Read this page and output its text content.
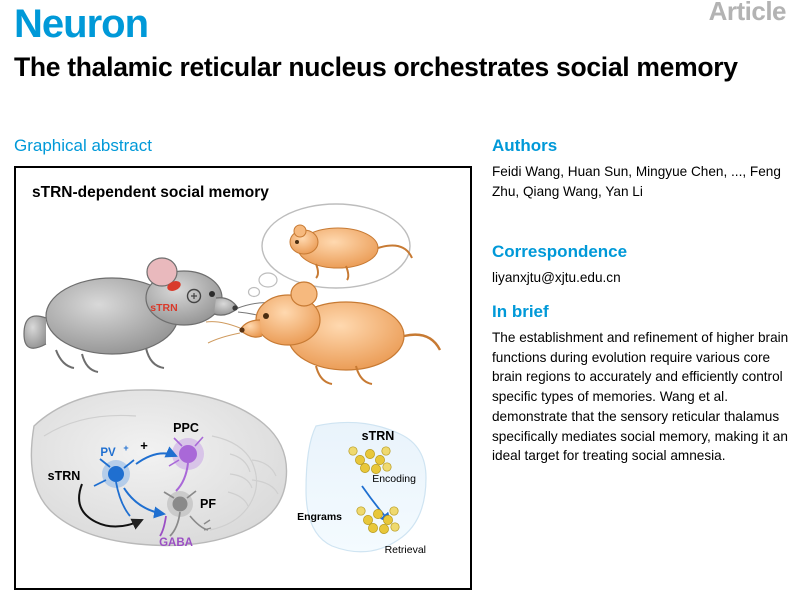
Neuron	Article
The thalamic reticular nucleus orchestrates social memory
Graphical abstract
sTRN-dependent social memory
sTRN
PPC
PV +
sTRN
PF
+
GABA
sTRN
Encoding
Engrams
Retrieval
Authors

Feidi Wang, Huan Sun, Mingyue Chen, ..., Feng Zhu, Qiang Wang, Yan Li

Correspondence

liyanxjtu@xjtu.edu.cn

In brief

The establishment and refinement of higher brain functions during evolution require various core brain regions to accurately and efficiently control specific types of memories. Wang et al. demonstrate that the sensory reticular thalamus specifically mediates social memory, making it an ideal target for treating social amnesia.
